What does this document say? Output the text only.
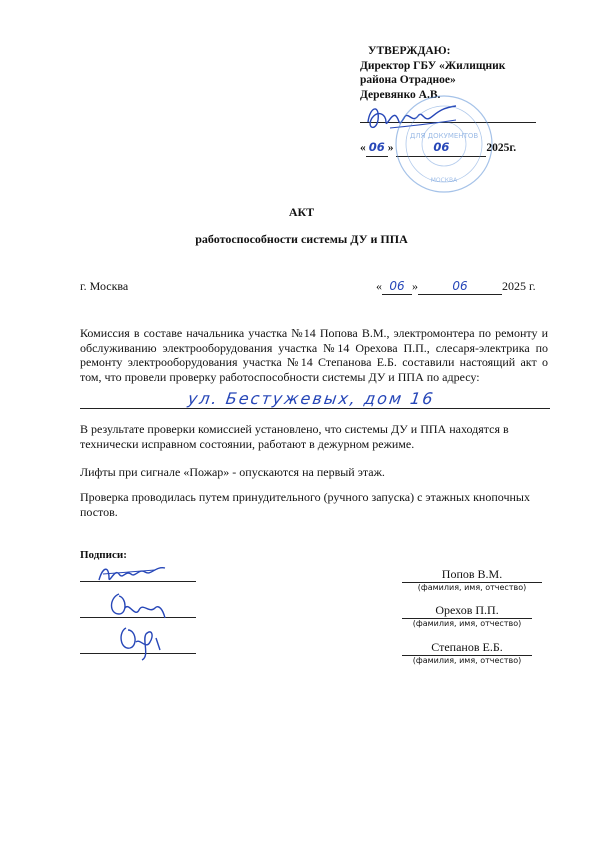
УТВЕРЖДАЮ:
Директор ГБУ «Жилищник
района Отрадное»
Деревянко А.В.
« 06 »	06	2025г.
ДЛЯ ДОКУМЕНТОВ
МОСКВА
АКТ
работоспособности системы ДУ и ППА
г. Москва	« 06 »	06	2025 г.
Комиссия в составе начальника участка №14 Попова В.М., электромонтера по ремонту и обслуживанию электрооборудования участка №14 Орехова П.П., слесаря-электрика по ремонту электрооборудования участка №14 Степанова Е.Б. составили настоящий акт о том, что провели проверку работоспособности системы ДУ и ППА по адресу:
ул. Бестужевых, дом 16
В результате проверки комиссией установлено, что системы ДУ и ППА находятся в технически исправном состоянии, работают в дежурном режиме.
Лифты при сигнале «Пожар» - опускаются на первый этаж.
Проверка проводилась путем принудительного (ручного запуска) с этажных кнопочных постов.
Подписи:
Попов В.М.
(фамилия, имя, отчество)
Орехов П.П.
(фамилия, имя, отчество)
Степанов Е.Б.
(фамилия, имя, отчество)
